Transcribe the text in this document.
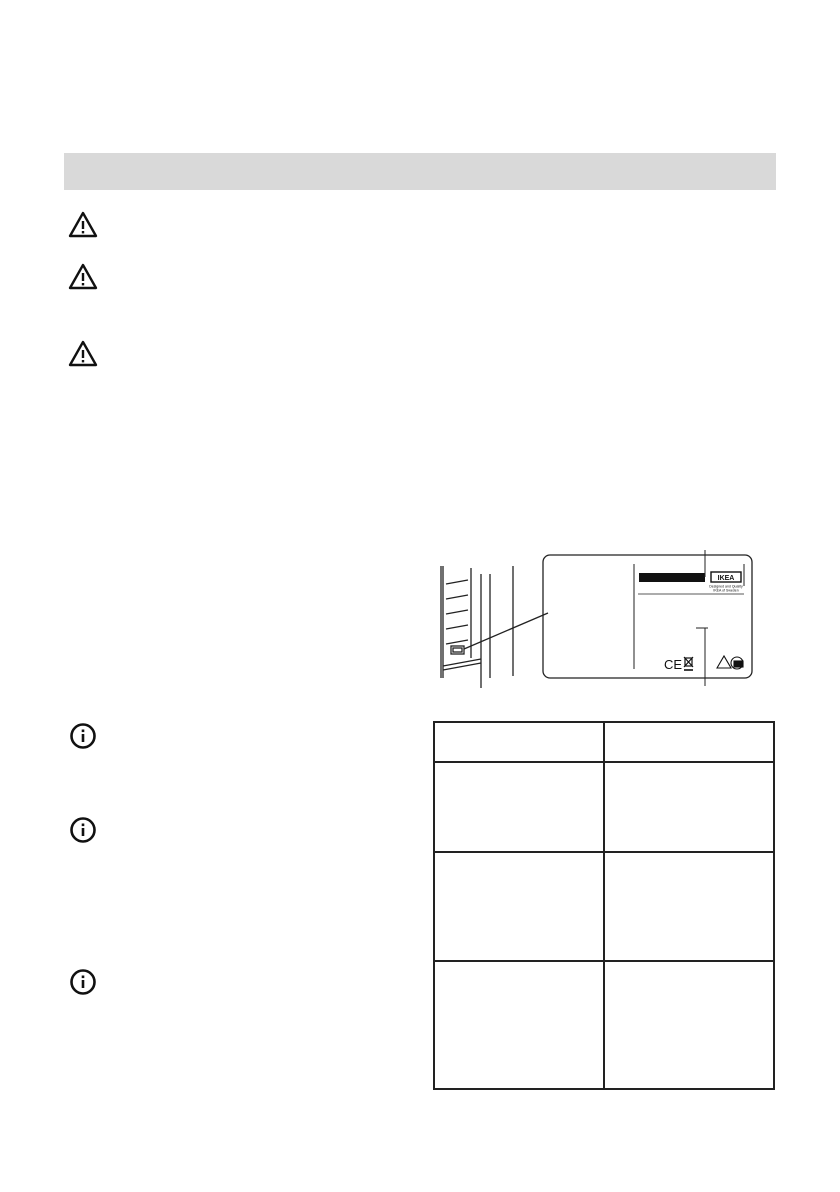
IKEA
Designed and Quality
IKEA of Sweden
CE
